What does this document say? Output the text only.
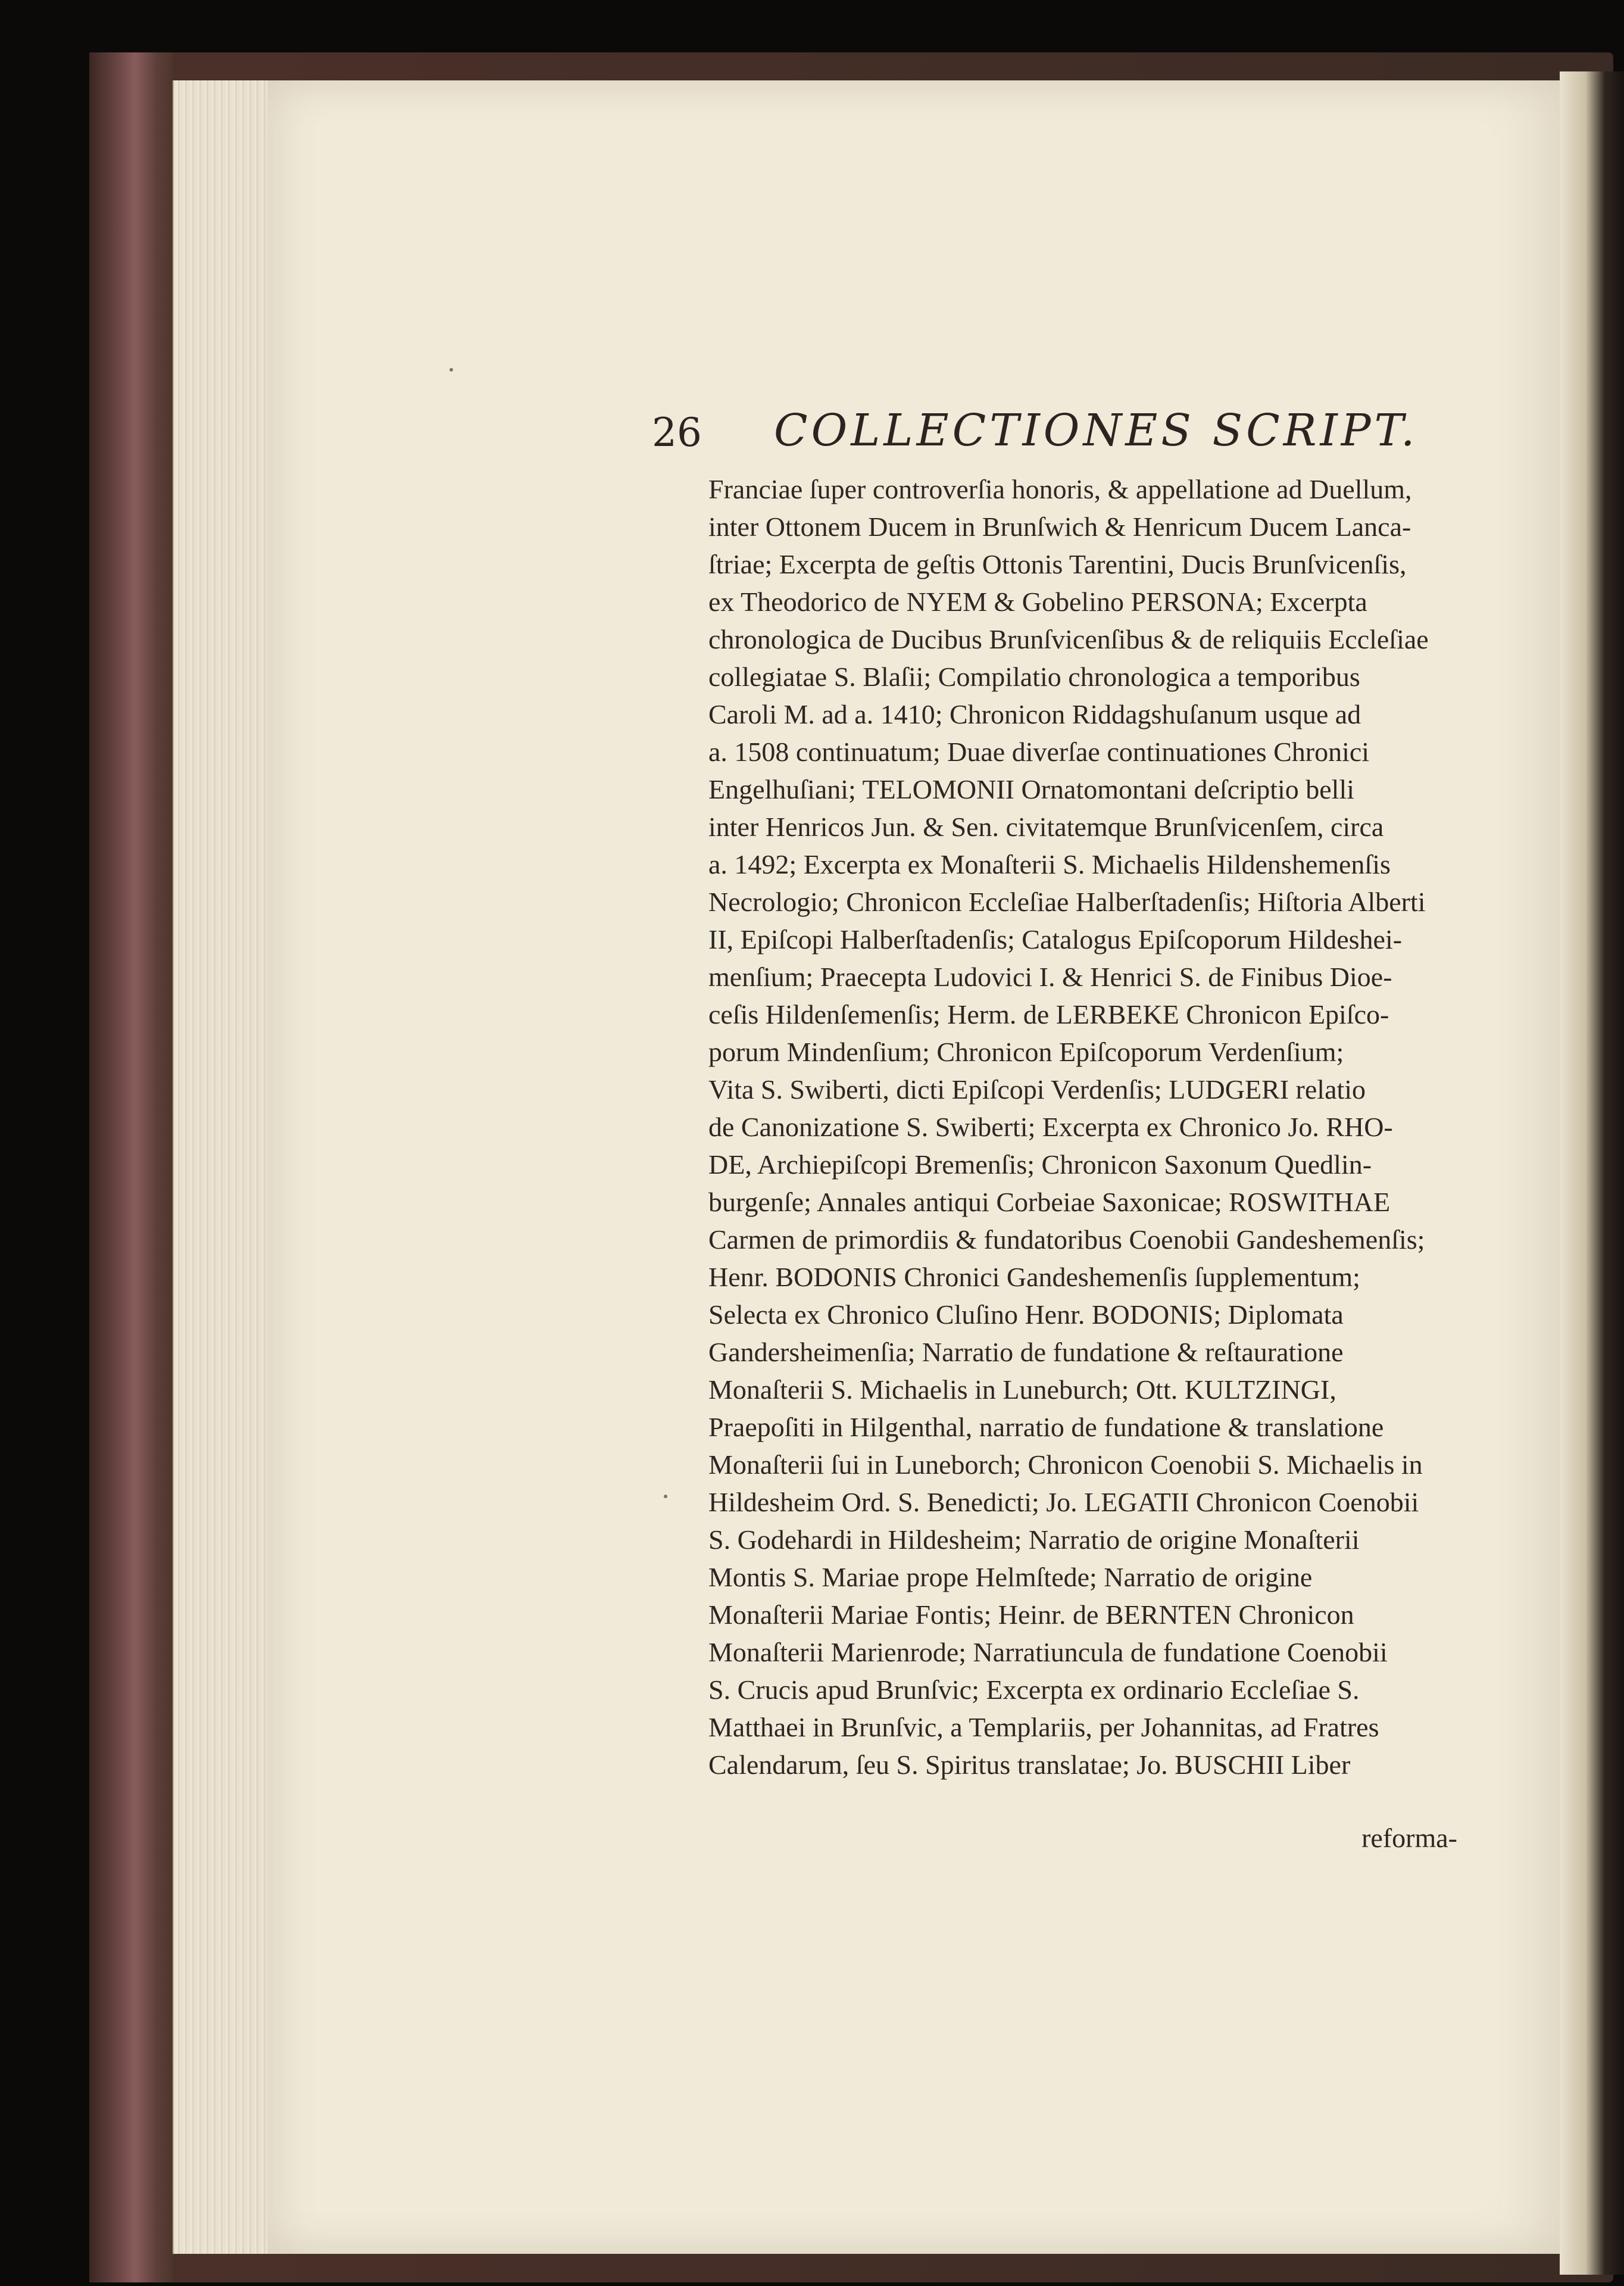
26 COLLECTIONES SCRIPT.
Franciae ſuper controverſia honoris, & appellatione ad Duellum,
inter Ottonem Ducem in Brunſwich & Henricum Ducem Lanca-
ſtriae; Excerpta de geſtis Ottonis Tarentini, Ducis Brunſvicenſis,
ex Theodorico de NYEM & Gobelino PERSONA; Excerpta
chronologica de Ducibus Brunſvicenſibus & de reliquiis Eccleſiae
collegiatae S. Blaſii; Compilatio chronologica a temporibus
Caroli M. ad a. 1410; Chronicon Riddagshuſanum usque ad
a. 1508 continuatum; Duae diverſae continuationes Chronici
Engelhuſiani; TELOMONII Ornatomontani deſcriptio belli
inter Henricos Jun. & Sen. civitatemque Brunſvicenſem, circa
a. 1492; Excerpta ex Monaſterii S. Michaelis Hildenshemenſis
Necrologio; Chronicon Eccleſiae Halberſtadenſis; Hiſtoria Alberti
II, Epiſcopi Halberſtadenſis; Catalogus Epiſcoporum Hildeshei-
menſium; Praecepta Ludovici I. & Henrici S. de Finibus Dioe-
ceſis Hildenſemenſis; Herm. de LERBEKE Chronicon Epiſco-
porum Mindenſium; Chronicon Epiſcoporum Verdenſium;
Vita S. Swiberti, dicti Epiſcopi Verdenſis; LUDGERI relatio
de Canonizatione S. Swiberti; Excerpta ex Chronico Jo. RHO-
DE, Archiepiſcopi Bremenſis; Chronicon Saxonum Quedlin-
burgenſe; Annales antiqui Corbeiae Saxonicae; ROSWITHAE
Carmen de primordiis & fundatoribus Coenobii Gandeshemenſis;
Henr. BODONIS Chronici Gandeshemenſis ſupplementum;
Selecta ex Chronico Cluſino Henr. BODONIS; Diplomata
Gandersheimenſia; Narratio de fundatione & reſtauratione
Monaſterii S. Michaelis in Luneburch; Ott. KULTZINGI,
Praepoſiti in Hilgenthal, narratio de fundatione & translatione
Monaſterii ſui in Luneborch; Chronicon Coenobii S. Michaelis in
Hildesheim Ord. S. Benedicti; Jo. LEGATII Chronicon Coenobii
S. Godehardi in Hildesheim; Narratio de origine Monaſterii
Montis S. Mariae prope Helmſtede; Narratio de origine
Monaſterii Mariae Fontis; Heinr. de BERNTEN Chronicon
Monaſterii Marienrode; Narratiuncula de fundatione Coenobii
S. Crucis apud Brunſvic; Excerpta ex ordinario Eccleſiae S.
Matthaei in Brunſvic, a Templariis, per Johannitas, ad Fratres
Calendarum, ſeu S. Spiritus translatae; Jo. BUSCHII Liber
reforma-
